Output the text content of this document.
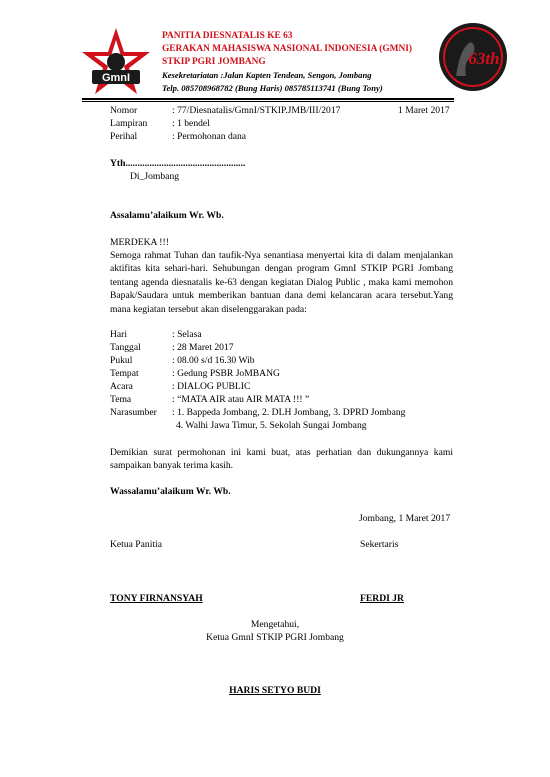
GmnI
PANITIA DIESNATALIS KE 63
GERAKAN MAHASISWA NASIONAL INDONESIA (GMNI)
STKIP PGRI JOMBANG
Kesekretariatan :Jalan Kapten Tendean, Sengon, Jombang
Telp. 085708968782 (Bung Haris) 085785113741 (Bung Tony)
63th
Nomor	: 77/Diesnatalis/GmnI/STKIP.JMB/III/2017	1 Maret 2017
Lampiran	: 1 bendel
Perihal	: Permohonan dana
Yth..................................................
Di_Jombang
Assalamu’alaikum Wr. Wb.
MERDEKA !!!
Semoga rahmat Tuhan dan taufik-Nya senantiasa menyertai kita di dalam menjalankan aktifitas kita sehari-hari. Sehubungan dengan program GmnI STKIP PGRI Jombang tentang agenda diesnatalis ke-63 dengan kegiatan Dialog Public , maka kami memohon Bapak/Saudara untuk memberikan bantuan dana demi kelancaran acara tersebut.Yang mana kegiatan tersebut akan diselenggarakan pada:
Hari	: Selasa
Tanggal	: 28 Maret 2017
Pukul	: 08.00 s/d 16.30 Wib
Tempat	: Gedung PSBR JoMBANG
Acara	: DIALOG PUBLIC
Tema	: “MATA AIR atau AIR MATA !!! ”
Narasumber : 1. Bappeda Jombang, 2. DLH Jombang, 3. DPRD Jombang
4. Walhi Jawa Timur, 5. Sekolah Sungai Jombang
Demikian surat permohonan ini kami buat, atas perhatian dan dukungannya kami sampaikan banyak terima kasih.
Wassalamu’alaikum Wr. Wb.
Jombang, 1 Maret 2017
Ketua Panitia	Sekertaris
TONY FIRNANSYAH	FERDI JR
Mengetahui,
Ketua GmnI STKIP PGRI Jombang
HARIS SETYO BUDI
